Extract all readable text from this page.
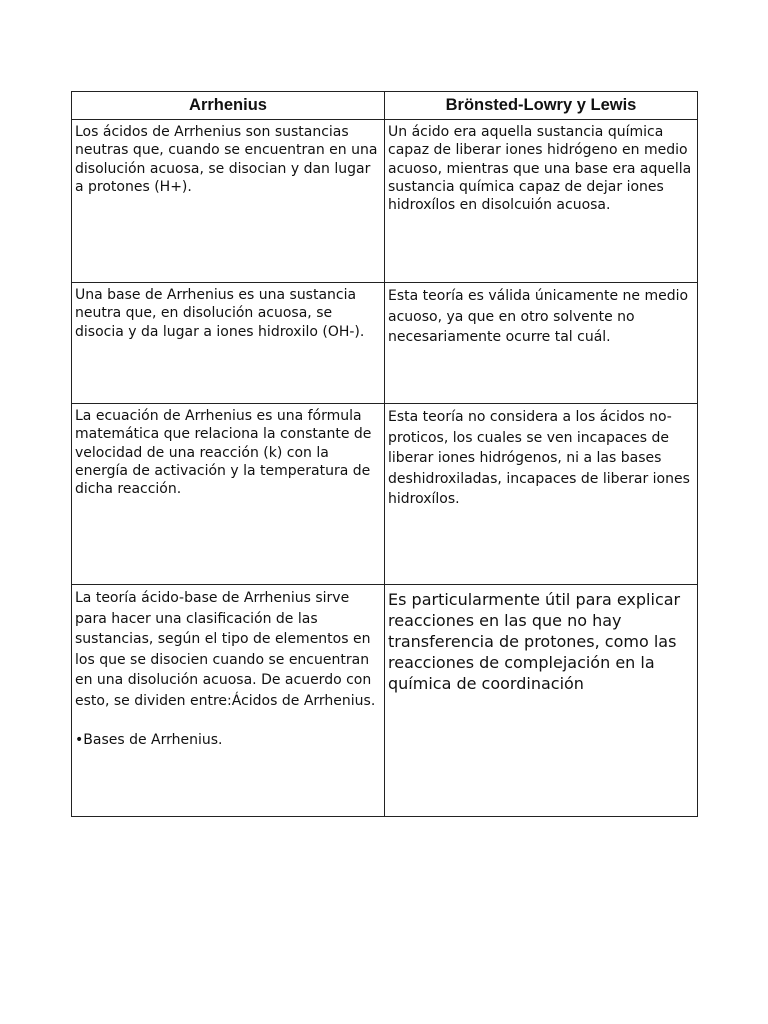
Arrhenius	Brönsted-Lowry y Lewis
Los ácidos de Arrhenius son sustancias neutras que, cuando se encuentran en una disolución acuosa, se disocian y dan lugar a protones (H+).	Un ácido era aquella sustancia química capaz de liberar iones hidrógeno en medio acuoso, mientras que una base era aquella sustancia química capaz de dejar iones hidroxílos en disolcuión acuosa.
Una base de Arrhenius es una sustancia neutra que, en disolución acuosa, se disocia y da lugar a iones hidroxilo (OH-).	Esta teoría es válida únicamente ne medio acuoso, ya que en otro solvente no necesariamente ocurre tal cuál.
La ecuación de Arrhenius es una fórmula matemática que relaciona la constante de velocidad de una reacción (k) con la energía de activación y la temperatura de dicha reacción.	Esta teoría no considera a los ácidos no-proticos, los cuales se ven incapaces de liberar iones hidrógenos, ni a las bases deshidroxiladas, incapaces de liberar iones hidroxílos.

La teoría ácido-base de Arrhenius sirve para hacer una clasificación de las sustancias, según el tipo de elementos en los que se disocien cuando se encuentran en una disolución acuosa. De acuerdo con esto, se dividen entre:Ácidos de Arrhenius.

•Bases de Arrhenius.	Es particularmente útil para explicar reacciones en las que no hay transferencia de protones, como las reacciones de complejación en la química de coordinación
